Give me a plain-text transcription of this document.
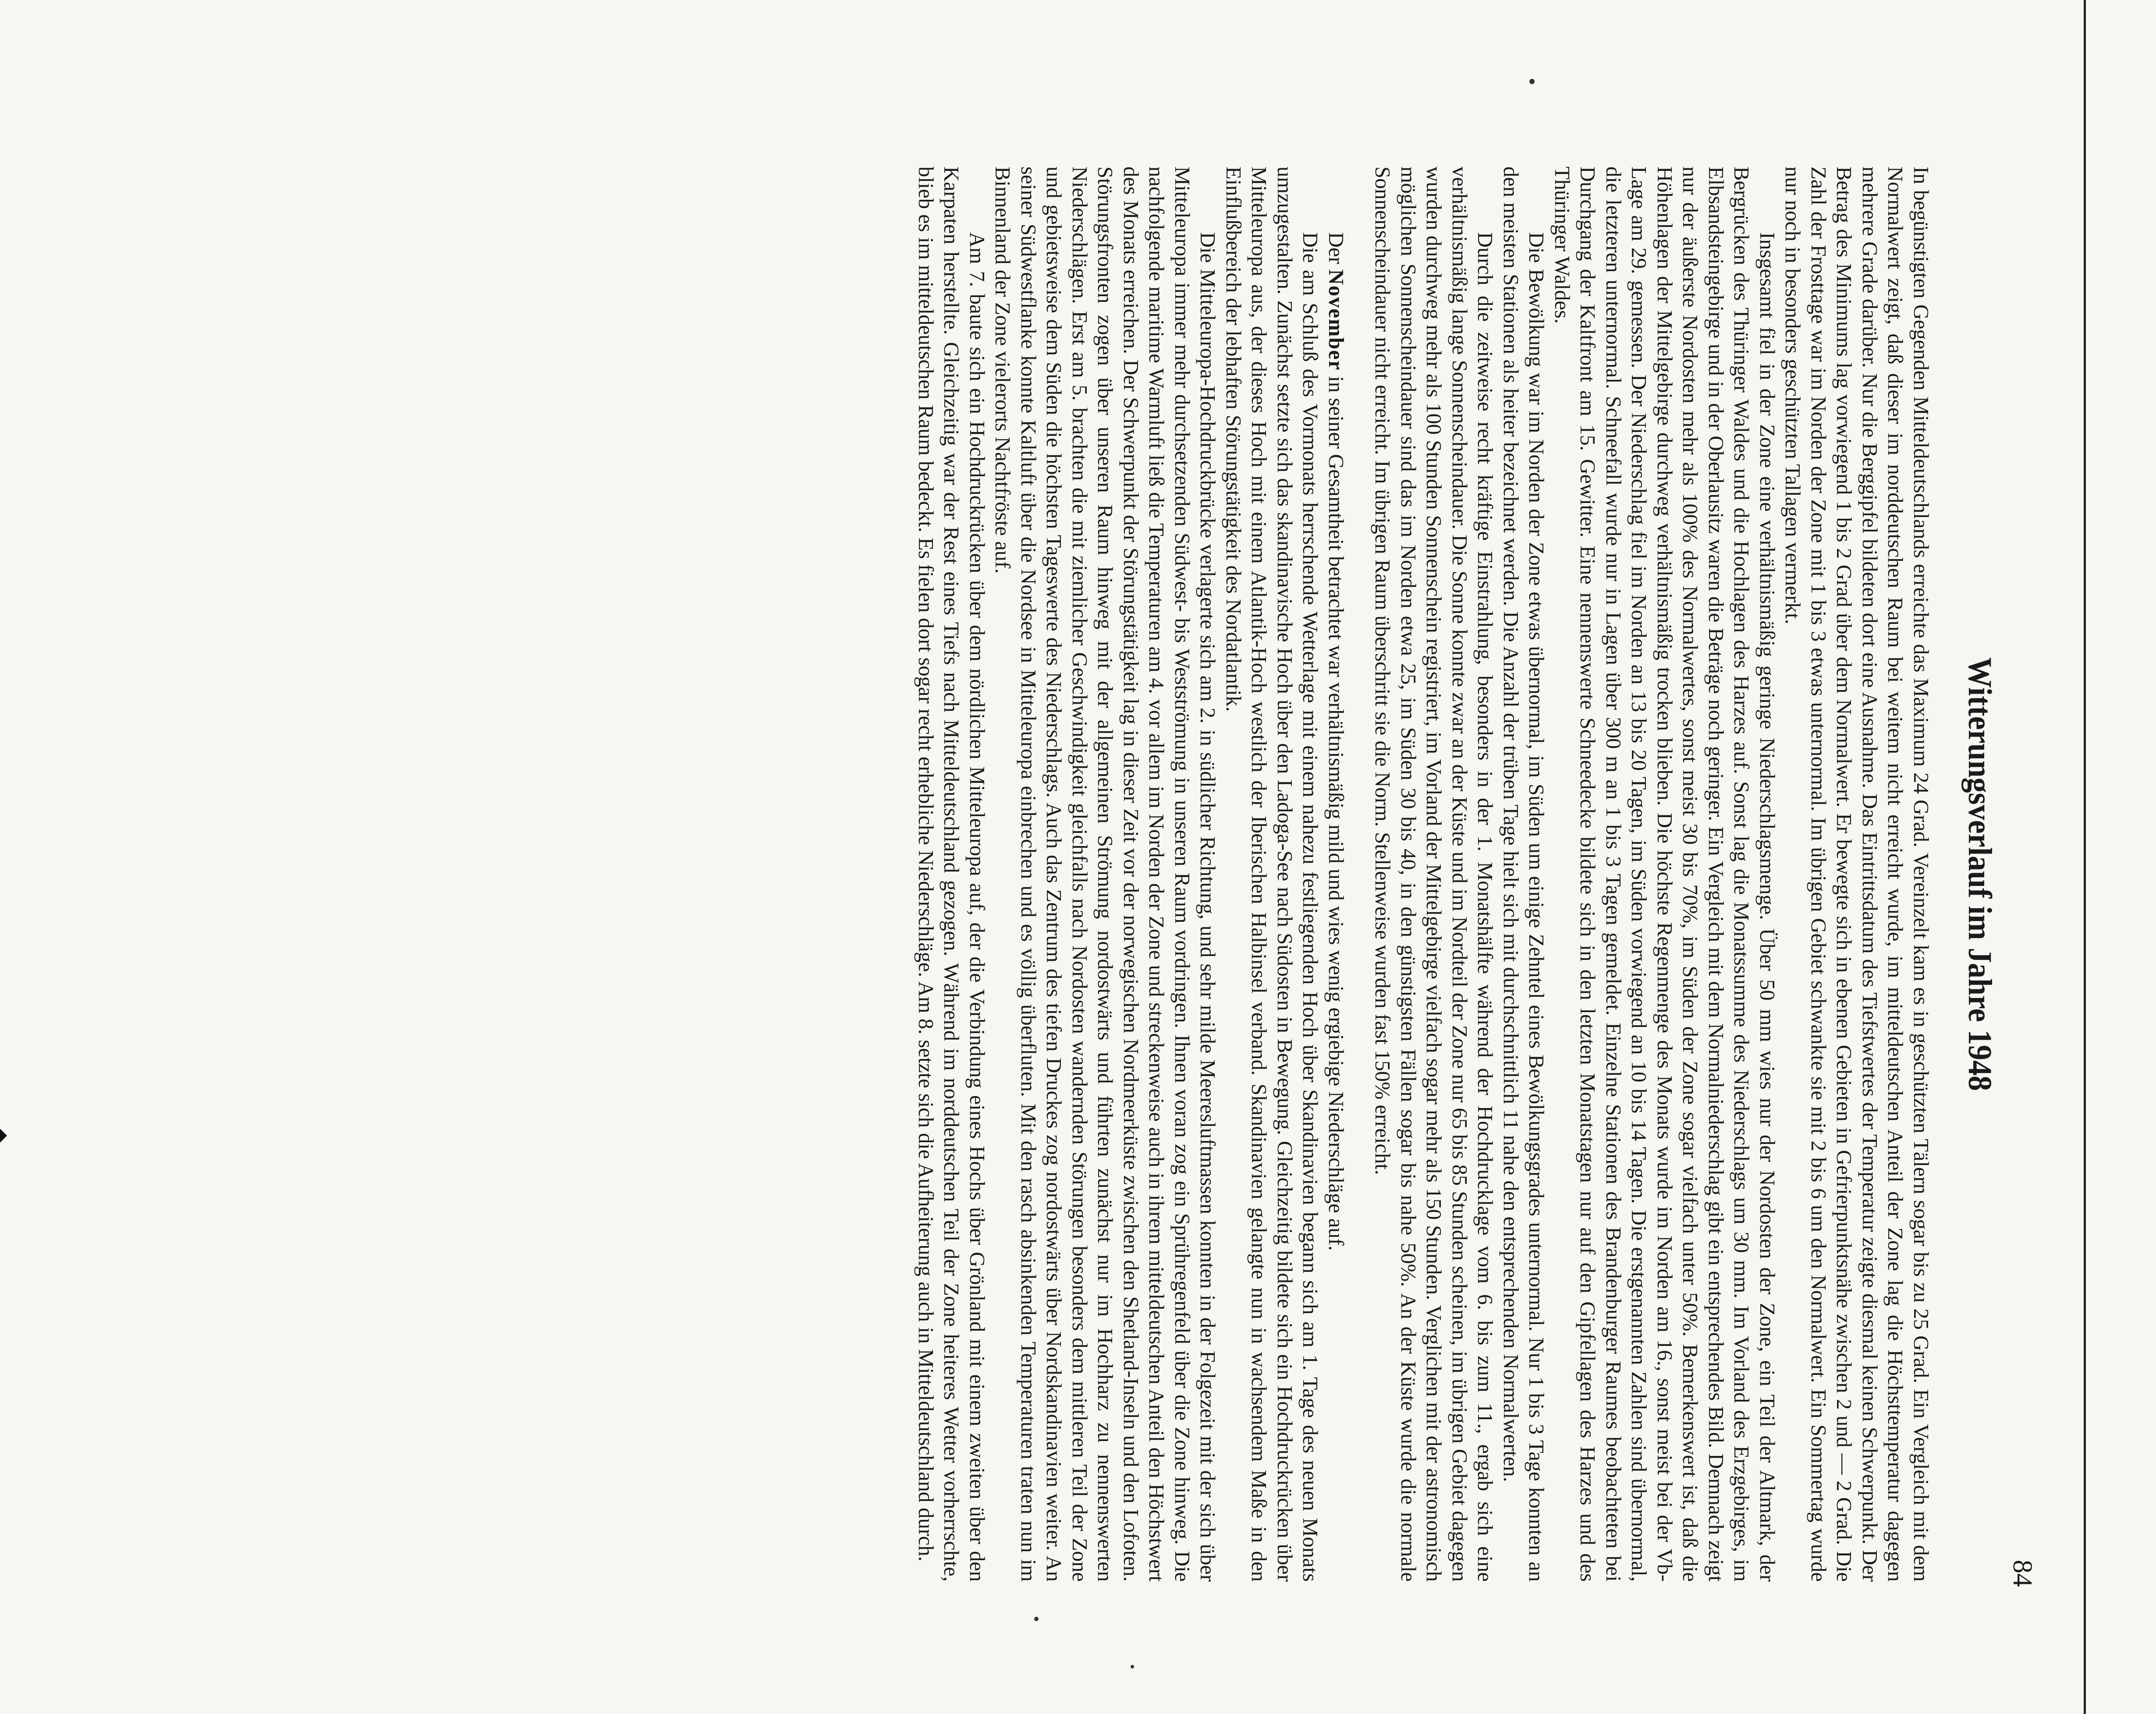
84
Witterungsverlauf im Jahre 1948

In begünstigten Gegenden Mitteldeutschlands erreichte das Maximum 24 Grad. Vereinzelt kam es in geschützten Tälern sogar bis zu 25 Grad. Ein Vergleich mit dem Normalwert zeigt, daß dieser im norddeutschen Raum bei weitem nicht erreicht wurde, im mitteldeutschen Anteil der Zone lag die Höchsttemperatur dagegen mehrere Grade darüber. Nur die Berggipfel bildeten dort eine Ausnahme. Das Eintrittsdatum des Tiefstwertes der Temperatur zeigte diesmal keinen Schwerpunkt. Der Betrag des Minimums lag vorwiegend 1 bis 2 Grad über dem Normalwert. Er bewegte sich in ebenen Gebieten in Gefrierpunktsnähe zwischen 2 und — 2 Grad. Die Zahl der Frosttage war im Norden der Zone mit 1 bis 3 etwas unternormal. Im übrigen Gebiet schwankte sie mit 2 bis 6 um den Normalwert. Ein Sommertag wurde nur noch in besonders geschützten Tallagen vermerkt.

Insgesamt fiel in der Zone eine verhältnismäßig geringe Niederschlagsmenge. Über 50 mm wies nur der Nordosten der Zone, ein Teil der Altmark, der Bergrücken des Thüringer Waldes und die Hochlagen des Harzes auf. Sonst lag die Monatssumme des Niederschlags um 30 mm. Im Vorland des Erzgebirges, im Elbsandsteingebirge und in der Oberlausitz waren die Beträge noch geringer. Ein Vergleich mit dem Normalniederschlag gibt ein entsprechendes Bild. Demnach zeigt nur der äußerste Nordosten mehr als 100% des Normalwertes, sonst meist 30 bis 70%, im Süden der Zone sogar vielfach unter 50%. Bemerkenswert ist, daß die Höhenlagen der Mittelgebirge durchweg verhältnismäßig trocken blieben. Die höchste Regenmenge des Monats wurde im Norden am 16., sonst meist bei der Vb-Lage am 29. gemessen. Der Niederschlag fiel im Norden an 13 bis 20 Tagen, im Süden vorwiegend an 10 bis 14 Tagen. Die erstgenannten Zahlen sind übernormal, die letzteren unternormal. Schneefall wurde nur in Lagen über 300 m an 1 bis 3 Tagen gemeldet. Einzelne Stationen des Brandenburger Raumes beobachteten bei Durchgang der Kaltfront am 15. Gewitter. Eine nennenswerte Schneedecke bildete sich in den letzten Monatstagen nur auf den Gipfellagen des Harzes und des Thüringer Waldes.

Die Bewölkung war im Norden der Zone etwas übernormal, im Süden um einige Zehntel eines Bewölkungsgrades unternormal. Nur 1 bis 3 Tage konnten an den meisten Stationen als heiter bezeichnet werden. Die Anzahl der trüben Tage hielt sich mit durchschnittlich 11 nahe den entsprechenden Normalwerten.

Durch die zeitweise recht kräftige Einstrahlung, besonders in der 1. Monatshälfte während der Hochdrucklage vom 6. bis zum 11., ergab sich eine verhältnismäßig lange Sonnenscheindauer. Die Sonne konnte zwar an der Küste und im Nordteil der Zone nur 65 bis 85 Stunden scheinen, im übrigen Gebiet dagegen wurden durchweg mehr als 100 Stunden Sonnenschein registriert, im Vorland der Mittelgebirge vielfach sogar mehr als 150 Stunden. Verglichen mit der astronomisch möglichen Sonnenscheindauer sind das im Norden etwa 25, im Süden 30 bis 40, in den günstigsten Fällen sogar bis nahe 50%. An der Küste wurde die normale Sonnenscheindauer nicht erreicht. Im übrigen Raum überschritt sie die Norm. Stellenweise wurden fast 150% erreicht.

Der November in seiner Gesamtheit betrachtet war verhältnismäßig mild und wies wenig ergiebige Niederschläge auf.

Die am Schluß des Vormonats herrschende Wetterlage mit einem nahezu festliegenden Hoch über Skandinavien begann sich am 1. Tage des neuen Monats umzugestalten. Zunächst setzte sich das skandinavische Hoch über den Ladoga-See nach Südosten in Bewegung. Gleichzeitig bildete sich ein Hochdruckrücken über Mitteleuropa aus, der dieses Hoch mit einem Atlantik-Hoch westlich der Iberischen Halbinsel verband. Skandinavien gelangte nun in wachsendem Maße in den Einflußbereich der lebhaften Störungstätigkeit des Nordatlantik.

Die Mitteleuropa-Hochdruckbrücke verlagerte sich am 2. in südlicher Richtung, und sehr milde Meeresluftmassen konnten in der Folgezeit mit der sich über Mitteleuropa immer mehr durchsetzenden Südwest- bis Westströmung in unseren Raum vordringen. Ihnen voran zog ein Sprühregenfeld über die Zone hinweg. Die nachfolgende maritime Warmluft ließ die Temperaturen am 4. vor allem im Norden der Zone und streckenweise auch in ihrem mitteldeutschen Anteil den Höchstwert des Monats erreichen. Der Schwerpunkt der Störungstätigkeit lag in dieser Zeit vor der norwegischen Nordmeerküste zwischen den Shetland-Inseln und den Lofoten. Störungsfronten zogen über unseren Raum hinweg mit der allgemeinen Strömung nordostwärts und führten zunächst nur im Hochharz zu nennenswerten Niederschlägen. Erst am 5. brachten die mit ziemlicher Geschwindigkeit gleichfalls nach Nordosten wandernden Störungen besonders dem mittleren Teil der Zone und gebietsweise dem Süden die höchsten Tageswerte des Niederschlags. Auch das Zentrum des tiefen Druckes zog nordostwärts über Nordskandinavien weiter. An seiner Südwestflanke konnte Kaltluft über die Nordsee in Mitteleuropa einbrechen und es völlig überfluten. Mit den rasch absinkenden Temperaturen traten nun im Binnenland der Zone vielerorts Nachtfröste auf.

Am 7. baute sich ein Hochdruckrücken über dem nördlichen Mitteleuropa auf, der die Verbindung eines Hochs über Grönland mit einem zweiten über den Karpaten herstellte. Gleichzeitig war der Rest eines Tiefs nach Mitteldeutschland gezogen. Während im norddeutschen Teil der Zone heiteres Wetter vorherrschte, blieb es im mitteldeutschen Raum bedeckt. Es fielen dort sogar recht erhebliche Niederschläge. Am 8. setzte sich die Aufheiterung auch in Mitteldeutschland durch.
